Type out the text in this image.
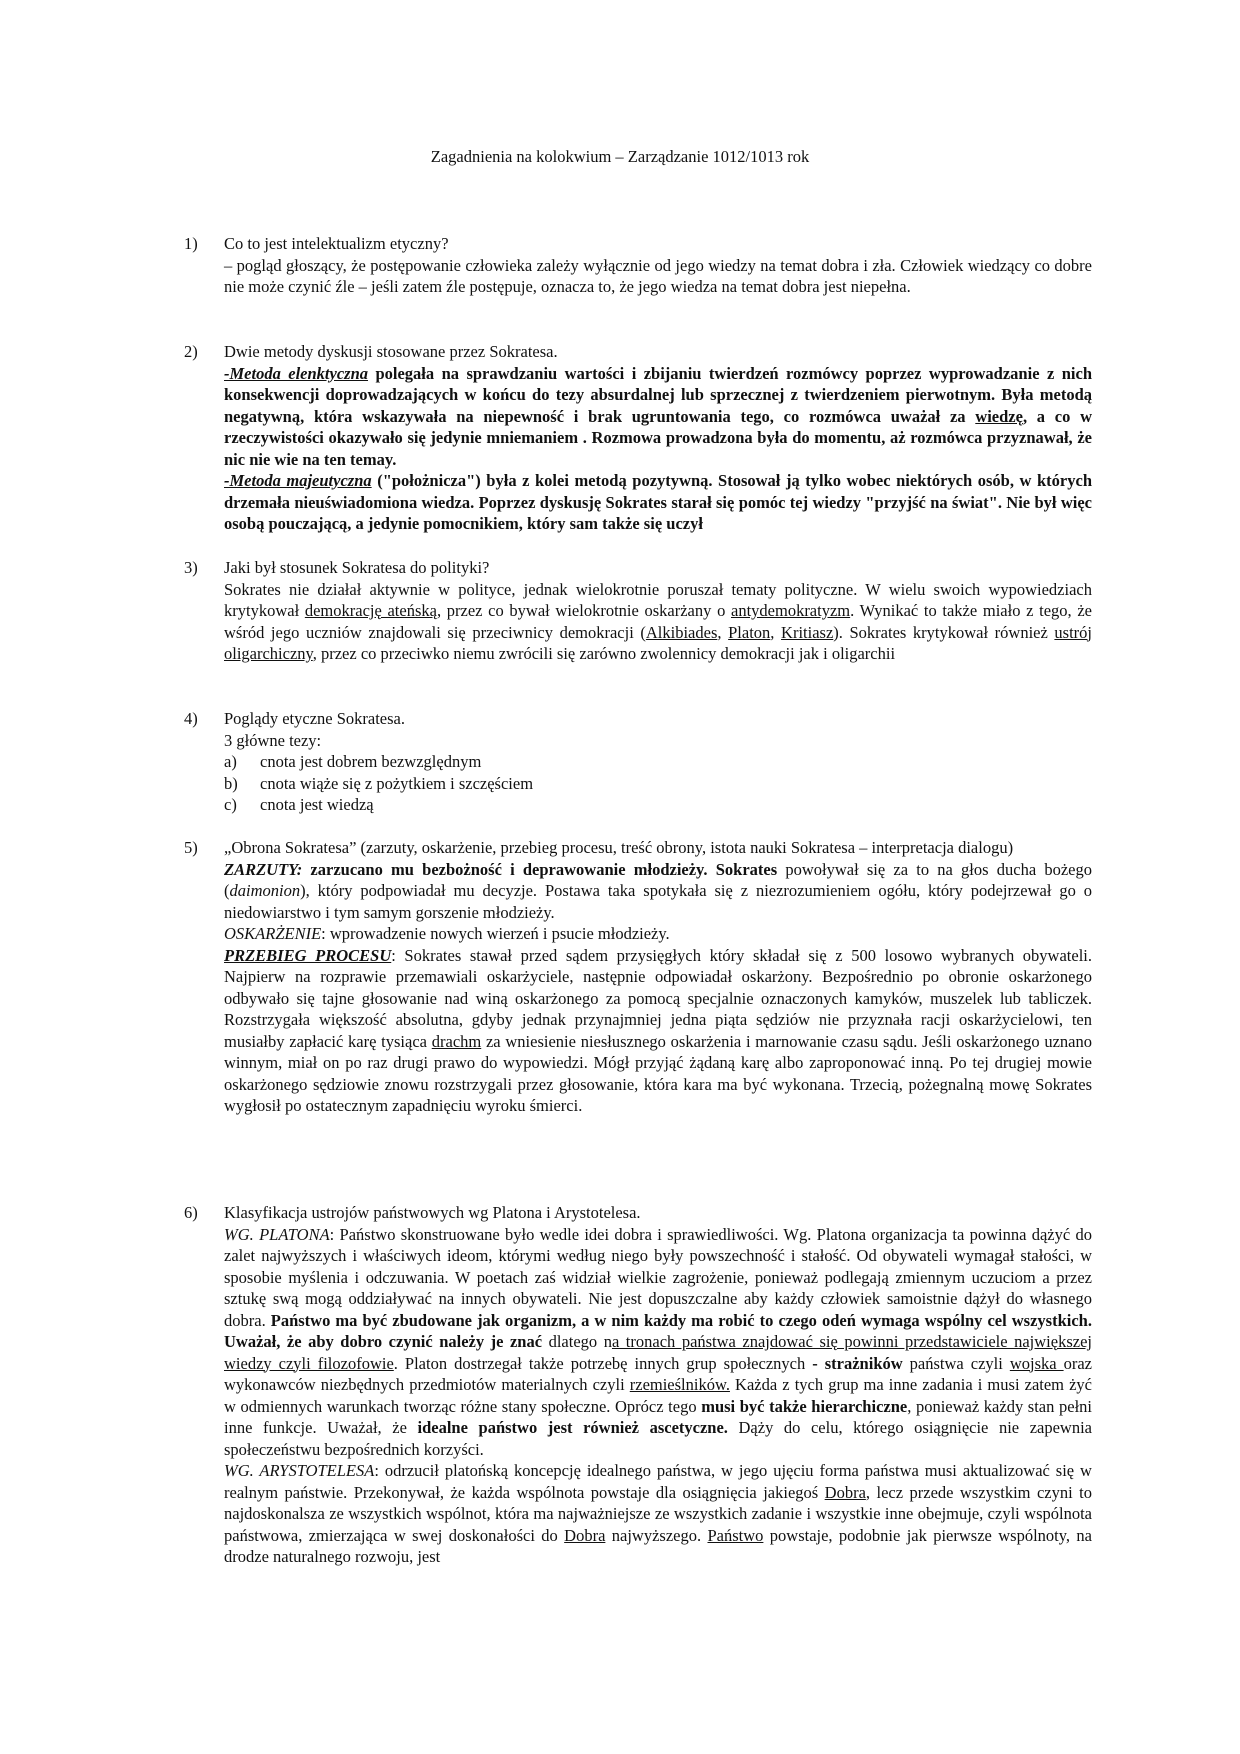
Zagadnienia na kolokwium – Zarządzanie 1012/1013 rok
1) Co to jest intelektualizm etyczny?

– pogląd głoszący, że postępowanie człowieka zależy wyłącznie od jego wiedzy na temat dobra i zła. Człowiek wiedzący co dobre nie może czynić źle – jeśli zatem źle postępuje, oznacza to, że jego wiedza na temat dobra jest niepełna.

2) Dwie metody dyskusji stosowane przez Sokratesa.

-Metoda elenktyczna polegała na sprawdzaniu wartości i zbijaniu twierdzeń rozmówcy poprzez wyprowadzanie z nich konsekwencji doprowadzających w końcu do tezy absurdalnej lub sprzecznej z twierdzeniem pierwotnym. Była metodą negatywną, która wskazywała na niepewność i brak ugruntowania tego, co rozmówca uważał za wiedzę, a co w rzeczywistości okazywało się jedynie mniemaniem . Rozmowa prowadzona była do momentu, aż rozmówca przyznawał, że nic nie wie na ten temay.

-Metoda majeutyczna ("położnicza") była z kolei metodą pozytywną. Stosował ją tylko wobec niektórych osób, w których drzemała nieuświadomiona wiedza. Poprzez dyskusję Sokrates starał się pomóc tej wiedzy "przyjść na świat". Nie był więc osobą pouczającą, a jedynie pomocnikiem, który sam także się uczył

3) Jaki był stosunek Sokratesa do polityki?

Sokrates nie działał aktywnie w polityce, jednak wielokrotnie poruszał tematy polityczne. W wielu swoich wypowiedziach krytykował demokrację ateńską, przez co bywał wielokrotnie oskarżany o antydemokratyzm. Wynikać to także miało z tego, że wśród jego uczniów znajdowali się przeciwnicy demokracji (Alkibiades, Platon, Kritiasz). Sokrates krytykował również ustrój oligarchiczny, przez co przeciwko niemu zwrócili się zarówno zwolennicy demokracji jak i oligarchii

4) Poglądy etyczne Sokratesa.

3 główne tezy:

a) cnota jest dobrem bezwzględnym
b) cnota wiąże się z pożytkiem i szczęściem
c) cnota jest wiedzą
5) „Obrona Sokratesa” (zarzuty, oskarżenie, przebieg procesu, treść obrony, istota nauki Sokratesa – interpretacja dialogu)

ZARZUTY: zarzucano mu bezbożność i deprawowanie młodzieży. Sokrates powoływał się za to na głos ducha bożego (daimonion), który podpowiadał mu decyzje. Postawa taka spotykała się z niezrozumieniem ogółu, który podejrzewał go o niedowiarstwo i tym samym gorszenie młodzieży.

OSKARŻENIE: wprowadzenie nowych wierzeń i psucie młodzieży.

PRZEBIEG PROCESU: Sokrates stawał przed sądem przysięgłych który składał się z 500 losowo wybranych obywateli. Najpierw na rozprawie przemawiali oskarżyciele, następnie odpowiadał oskarżony. Bezpośrednio po obronie oskarżonego odbywało się tajne głosowanie nad winą oskarżonego za pomocą specjalnie oznaczonych kamyków, muszelek lub tabliczek. Rozstrzygała większość absolutna, gdyby jednak przynajmniej jedna piąta sędziów nie przyznała racji oskarżycielowi, ten musiałby zapłacić karę tysiąca drachm za wniesienie niesłusznego oskarżenia i marnowanie czasu sądu. Jeśli oskarżonego uznano winnym, miał on po raz drugi prawo do wypowiedzi. Mógł przyjąć żądaną karę albo zaproponować inną. Po tej drugiej mowie oskarżonego sędziowie znowu rozstrzygali przez głosowanie, która kara ma być wykonana. Trzecią, pożegnalną mowę Sokrates wygłosił po ostatecznym zapadnięciu wyroku śmierci.

6) Klasyfikacja ustrojów państwowych wg Platona i Arystotelesa.

WG. PLATONA: Państwo skonstruowane było wedle idei dobra i sprawiedliwości. Wg. Platona organizacja ta powinna dążyć do zalet najwyższych i właściwych ideom, którymi według niego były powszechność i stałość. Od obywateli wymagał stałości, w sposobie myślenia i odczuwania. W poetach zaś widział wielkie zagrożenie, ponieważ podlegają zmiennym uczuciom a przez sztukę swą mogą oddziaływać na innych obywateli. Nie jest dopuszczalne aby każdy człowiek samoistnie dążył do własnego dobra. Państwo ma być zbudowane jak organizm, a w nim każdy ma robić to czego odeń wymaga wspólny cel wszystkich. Uważał, że aby dobro czynić należy je znać dlatego na tronach państwa znajdować się powinni przedstawiciele największej wiedzy czyli filozofowie. Platon dostrzegał także potrzebę innych grup społecznych - strażników państwa czyli wojska oraz wykonawców niezbędnych przedmiotów materialnych czyli rzemieślników. Każda z tych grup ma inne zadania i musi zatem żyć w odmiennych warunkach tworząc różne stany społeczne. Oprócz tego musi być także hierarchiczne, ponieważ każdy stan pełni inne funkcje. Uważał, że idealne państwo jest również ascetyczne. Dąży do celu, którego osiągnięcie nie zapewnia społeczeństwu bezpośrednich korzyści.

WG. ARYSTOTELESA: odrzucił platońską koncepcję idealnego państwa, w jego ujęciu forma państwa musi aktualizować się w realnym państwie. Przekonywał, że każda wspólnota powstaje dla osiągnięcia jakiegoś Dobra, lecz przede wszystkim czyni to najdoskonalsza ze wszystkich wspólnot, która ma najważniejsze ze wszystkich zadanie i wszystkie inne obejmuje, czyli wspólnota państwowa, zmierzająca w swej doskonałości do Dobra najwyższego. Państwo powstaje, podobnie jak pierwsze wspólnoty, na drodze naturalnego rozwoju, jest
